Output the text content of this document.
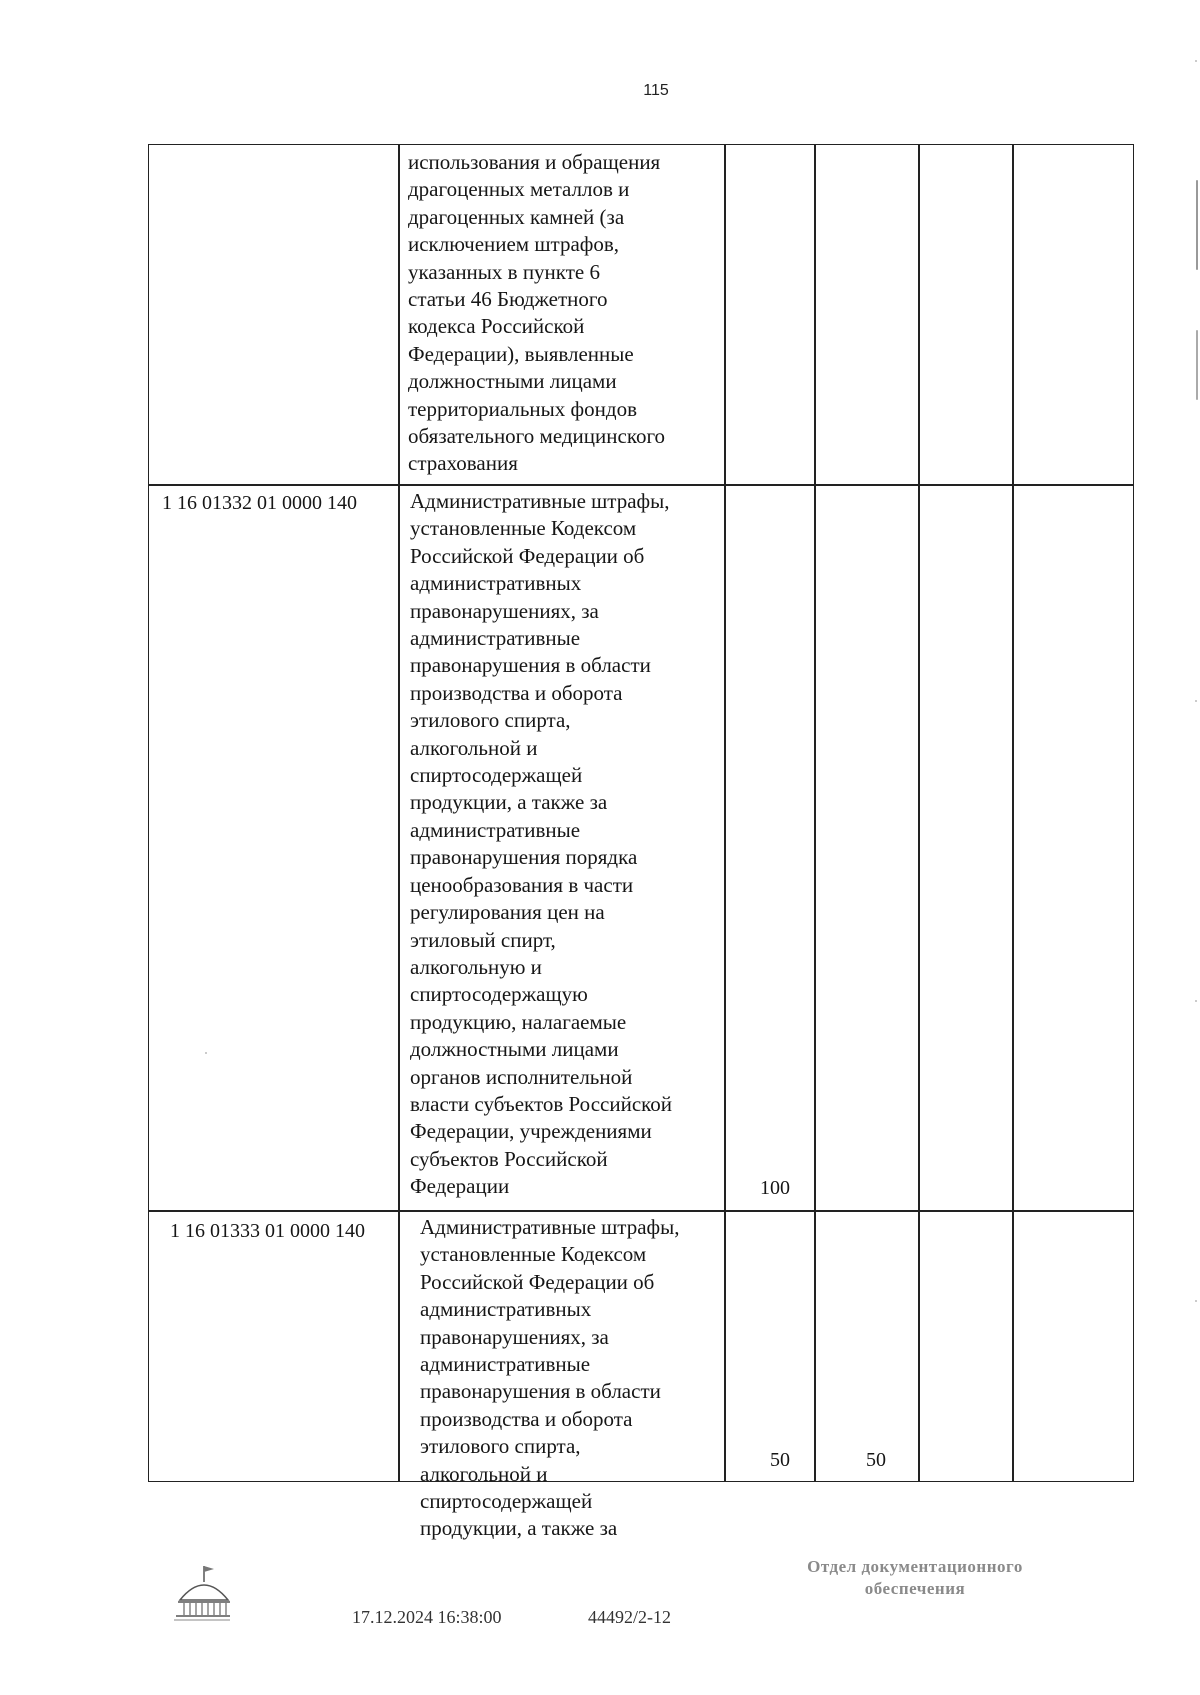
115
использования и обращения
драгоценных металлов и
драгоценных камней (за
исключением штрафов,
указанных в пункте 6
статьи 46 Бюджетного
кодекса Российской
Федерации), выявленные
должностными лицами
территориальных фондов
обязательного медицинского
страхования
1 16 01332 01 0000 140	Административные штрафы,
установленные Кодексом
Российской Федерации об
административных
правонарушениях, за
административные
правонарушения в области
производства и оборота
этилового спирта,
алкогольной и
спиртосодержащей
продукции, а также за
административные
правонарушения порядка
ценообразования в части
регулирования цен на
этиловый спирт,
алкогольную и
спиртосодержащую
продукцию, налагаемые
должностными лицами
органов исполнительной
власти субъектов Российской
Федерации, учреждениями
субъектов Российской
Федерации	100
1 16 01333 01 0000 140	Административные штрафы,
установленные Кодексом
Российской Федерации об
административных
правонарушениях, за
административные
правонарушения в области
производства и оборота
этилового спирта,
алкогольной и
спиртосодержащей
продукции, а также за
50	50
17.12.2024 16:38:00	44492/2-12
Отдел документационного
обеспечения
